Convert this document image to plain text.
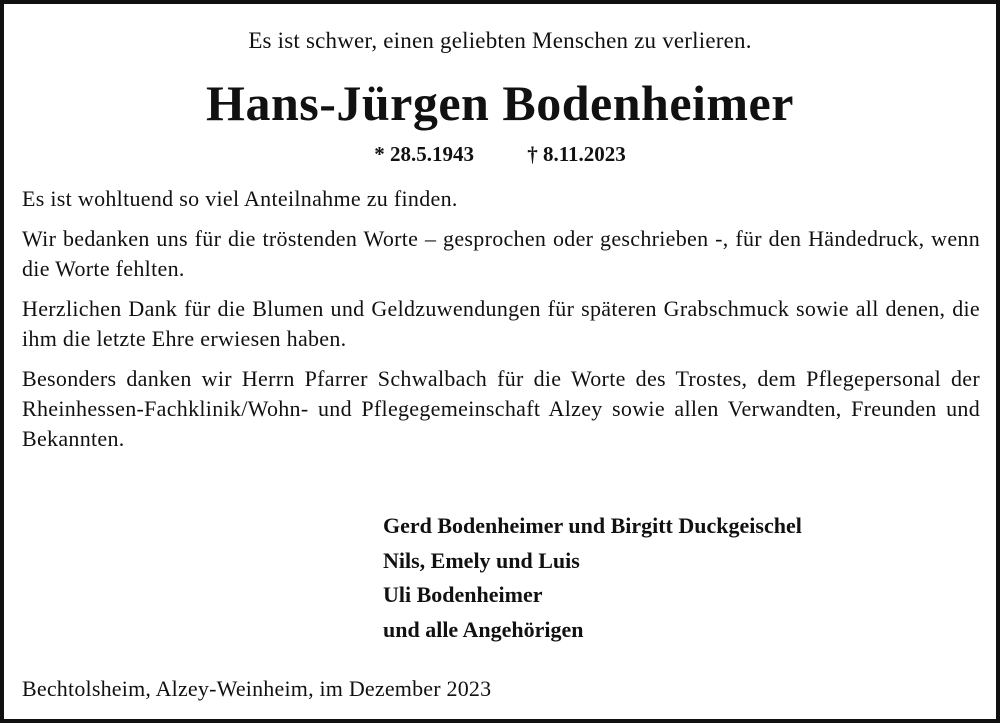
Es ist schwer, einen geliebten Menschen zu verlieren.
Hans-Jürgen Bodenheimer
* 28.5.1943	† 8.11.2023

Es ist wohltuend so viel Anteilnahme zu finden.

Wir bedanken uns für die tröstenden Worte – gesprochen oder geschrieben -, für den Händedruck, wenn die Worte fehlten.

Herzlichen Dank für die Blumen und Geldzuwendungen für späteren Grabschmuck sowie all denen, die ihm die letzte Ehre erwiesen haben.

Besonders danken wir Herrn Pfarrer Schwalbach für die Worte des Trostes, dem Pflegepersonal der Rheinhessen-Fachklinik/Wohn- und Pflegegemeinschaft Alzey sowie allen Verwandten, Freunden und Bekannten.

Gerd Bodenheimer und Birgitt Duckgeischel
Nils, Emely und Luis
Uli Bodenheimer
und alle Angehörigen
Bechtolsheim, Alzey-Weinheim, im Dezember 2023
